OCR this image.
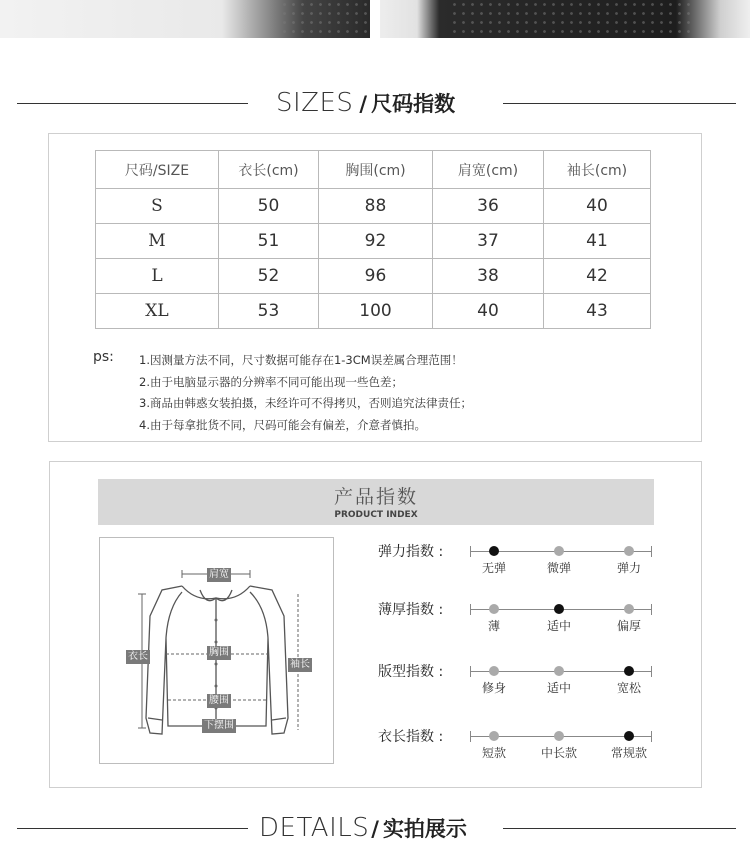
SIZES / 尺码指数
尺码/SIZE	衣长(cm)	胸围(cm)	肩宽(cm)	袖长(cm)
S	50	88	36	40
M	51	92	37	41
L	52	96	38	42
XL	53	100	40	43
ps: 1.因测量方法不同，尺寸数据可能存在1-3CM误差属合理范围！
2.由于电脑显示器的分辨率不同可能出现一些色差；
3.商品由韩惑女装拍摄，未经许可不得拷贝，否则追究法律责任；
4.由于每拿批货不同，尺码可能会有偏差，介意者慎拍。
产品指数
PRODUCT INDEX
肩宽
衣长	胸围
袖长
腰围
下摆围
弹力指数 :
无弹	微弹	弹力
薄厚指数 :
薄	适中	偏厚
版型指数 :
修身	适中	宽松
衣长指数 :
短款	中长款	常规款
DETAILS/ 实拍展示
